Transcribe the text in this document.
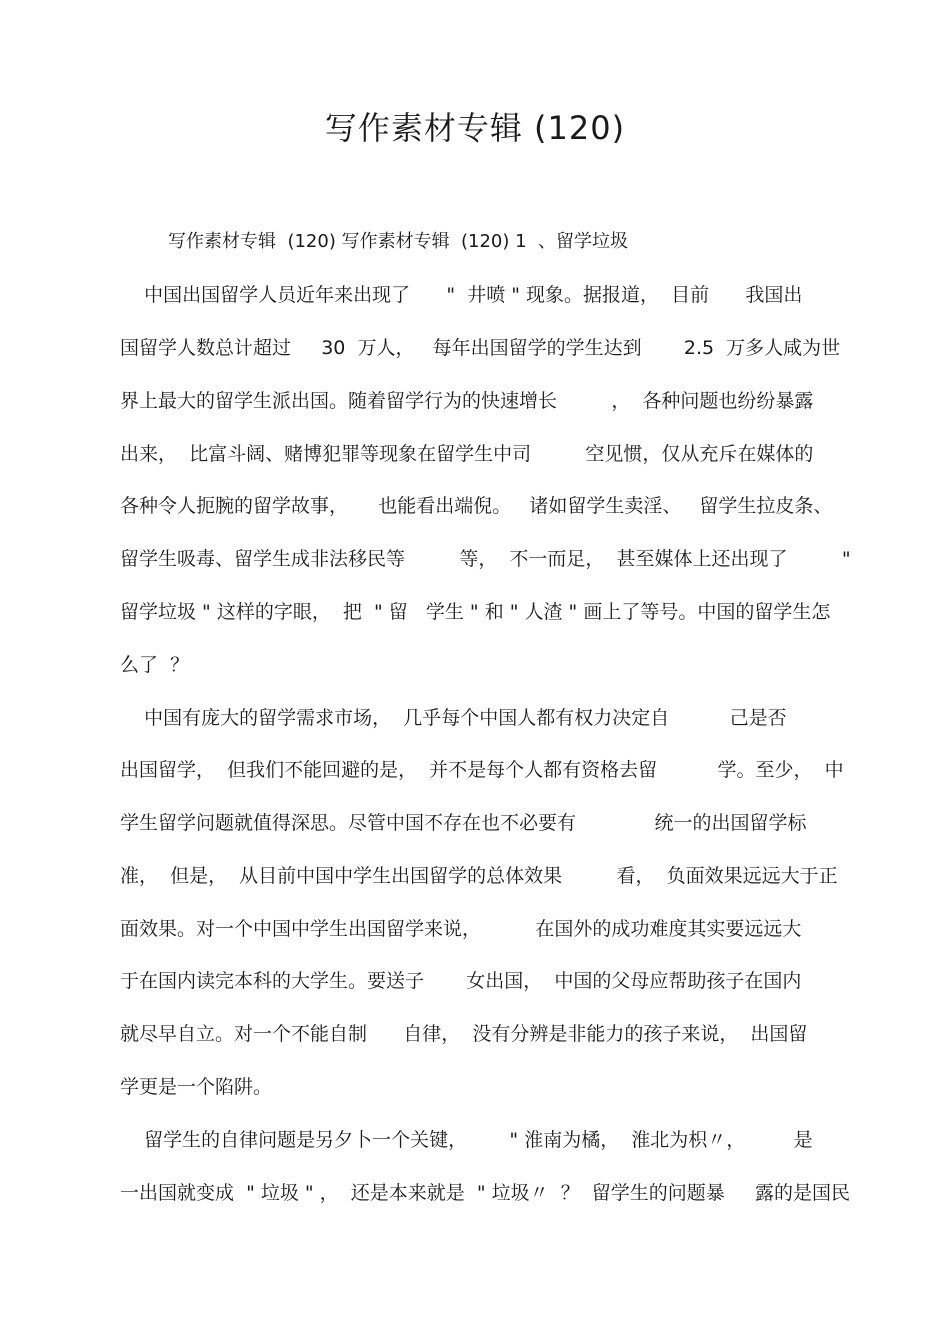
写作素材专辑 (120)
写作素材专辑  (120) 写作素材专辑  (120) 1  、留学垃圾
中国出国留学人员近年来出现了      "  井喷 " 现象。据报道，  目前      我国出
国留学人数总计超过     30  万人，   每年出国留学的学生达到       2.5  万多人咸为世
界上最大的留学生派出国。随着留学行为的快速增长         ，  各种问题也纷纷暴露
出来，  比富斗阔、赌博犯罪等现象在留学生中司         空见惯，仅从充斥在媒体的
各种令人扼腕的留学故事，     也能看出端倪。   诸如留学生卖淫、   留学生拉皮条、
留学生吸毒、留学生成非法移民等         等，  不一而足，  甚至媒体上还出现了         "
留学垃圾 " 这样的字眼，  把  " 留   学生 " 和 " 人渣 " 画上了等号。中国的留学生怎
么了  ？
中国有庞大的留学需求市场，  几乎每个中国人都有权力决定自          己是否
出国留学，  但我们不能回避的是，  并不是每个人都有资格去留          学。至少，  中
学生留学问题就值得深思。尽管中国不存在也不必要有             统一的出国留学标
准，  但是，  从目前中国中学生出国留学的总体效果         看，  负面效果远远大于正
面效果。对一个中国中学生出国留学来说，         在国外的成功难度其实要远远大
于在国内读完本科的大学生。要送子       女出国，  中国的父母应帮助孩子在国内
就尽早自立。对一个不能自制      自律，  没有分辨是非能力的孩子来说，  出国留
学更是一个陷阱。
留学生的自律问题是另夕卜一个关键，       " 淮南为橘，  淮北为枳〃，        是
一出国就变成  " 垃圾 " ，  还是本来就是  " 垃圾〃  ？  留学生的问题暴     露的是国民
